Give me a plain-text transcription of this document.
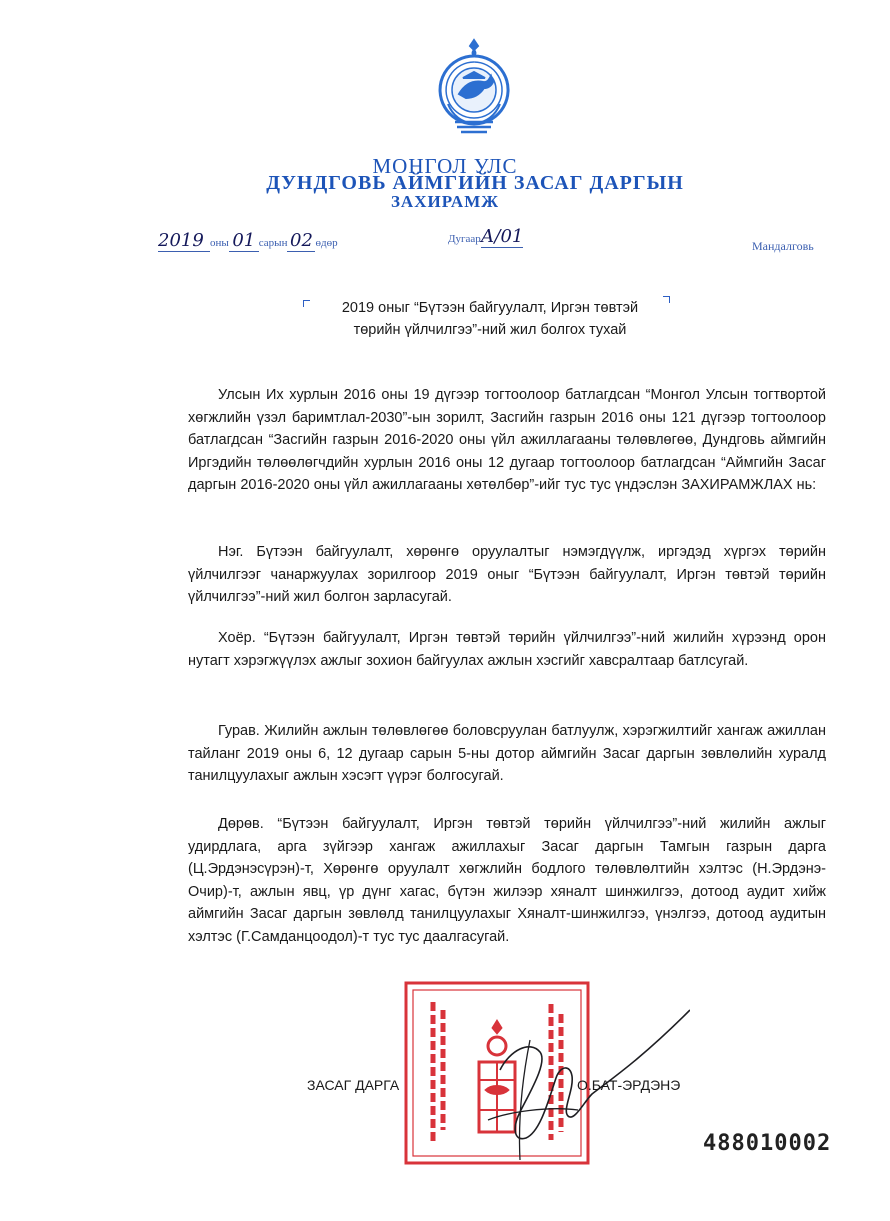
МОНГОЛ УЛС
ДУНДГОВЬ АЙМГИЙН ЗАСАГ ДАРГЫН
ЗАХИРАМЖ
2019 оны 01 сарын 02 өдөр	ДугаарА/01	Мандалговь
2019 оныг “Бүтээн байгуулалт, Иргэн төвтэй
төрийн үйлчилгээ”-ний жил болгох тухай

Улсын Их хурлын 2016 оны 19 дүгээр тогтоолоор батлагдсан “Монгол Улсын тогтвортой хөгжлийн үзэл баримтлал-2030”-ын зорилт, Засгийн газрын 2016 оны 121 дүгээр тогтоолоор батлагдсан “Засгийн газрын 2016-2020 оны үйл ажиллагааны төлөвлөгөө, Дундговь аймгийн Иргэдийн төлөөлөгчдийн хурлын 2016 оны 12 дугаар тогтоолоор батлагдсан “Аймгийн Засаг даргын 2016-2020 оны үйл ажиллагааны хөтөлбөр”-ийг тус тус үндэслэн ЗАХИРАМЖЛАХ нь:

Нэг. Бүтээн байгуулалт, хөрөнгө оруулалтыг нэмэгдүүлж, иргэдэд хүргэх төрийн үйлчилгээг чанаржуулах зорилгоор 2019 оныг “Бүтээн байгуулалт, Иргэн төвтэй төрийн үйлчилгээ”-ний жил болгон зарласугай.

Хоёр. “Бүтээн байгуулалт, Иргэн төвтэй төрийн үйлчилгээ”-ний жилийн хүрээнд орон нутагт хэрэгжүүлэх ажлыг зохион байгуулах ажлын хэсгийг хавсралтаар батлсугай.

Гурав. Жилийн ажлын төлөвлөгөө боловсруулан батлуулж, хэрэгжилтийг хангаж ажиллан тайланг 2019 оны 6, 12 дугаар сарын 5-ны дотор аймгийн Засаг даргын зөвлөлийн хуралд танилцуулахыг ажлын хэсэгт үүрэг болгосугай.

Дөрөв. “Бүтээн байгуулалт, Иргэн төвтэй төрийн үйлчилгээ”-ний жилийн ажлыг удирдлага, арга зүйгээр хангаж ажиллахыг Засаг даргын Тамгын газрын дарга (Ц.Эрдэнэсүрэн)-т, Хөрөнгө оруулалт хөгжлийн бодлого төлөвлөлтийн хэлтэс (Н.Эрдэнэ-Очир)-т, ажлын явц, үр дүнг хагас, бүтэн жилээр хяналт шинжилгээ, дотоод аудит хийж аймгийн Засаг даргын зөвлөлд танилцуулахыг Хяналт-шинжилгээ, үнэлгээ, дотоод аудитын хэлтэс (Г.Самданцоодол)-т тус тус даалгасугай.

ЗАСАГ ДАРГА	О.БАТ-ЭРДЭНЭ
488010002
